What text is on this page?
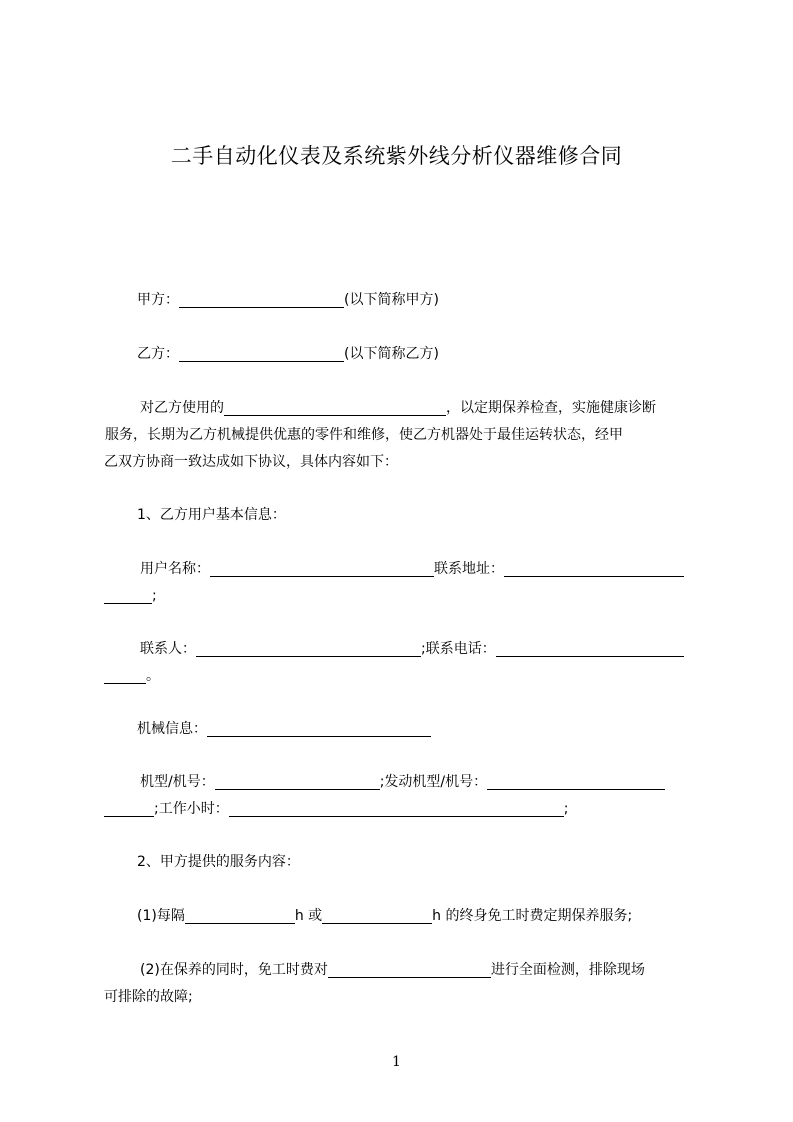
二手自动化仪表及系统紫外线分析仪器维修合同
甲方：	(以下简称甲方)
乙方：	(以下简称乙方)
对乙方使用的	，以定期保养检查，实施健康诊断
服务，长期为乙方机械提供优惠的零件和维修，使乙方机器处于最佳运转状态，经甲
乙双方协商一致达成如下协议，具体内容如下：
1、乙方用户基本信息：
用户名称：	联系地址：
;
联系人：	;联系电话：
。
机械信息：
机型/机号：	;发动机型/机号：
;工作小时：	;
2、甲方提供的服务内容：
(1)每隔	h 或	h 的终身免工时费定期保养服务;
(2)在保养的同时，免工时费对	进行全面检测，排除现场
可排除的故障;
1
